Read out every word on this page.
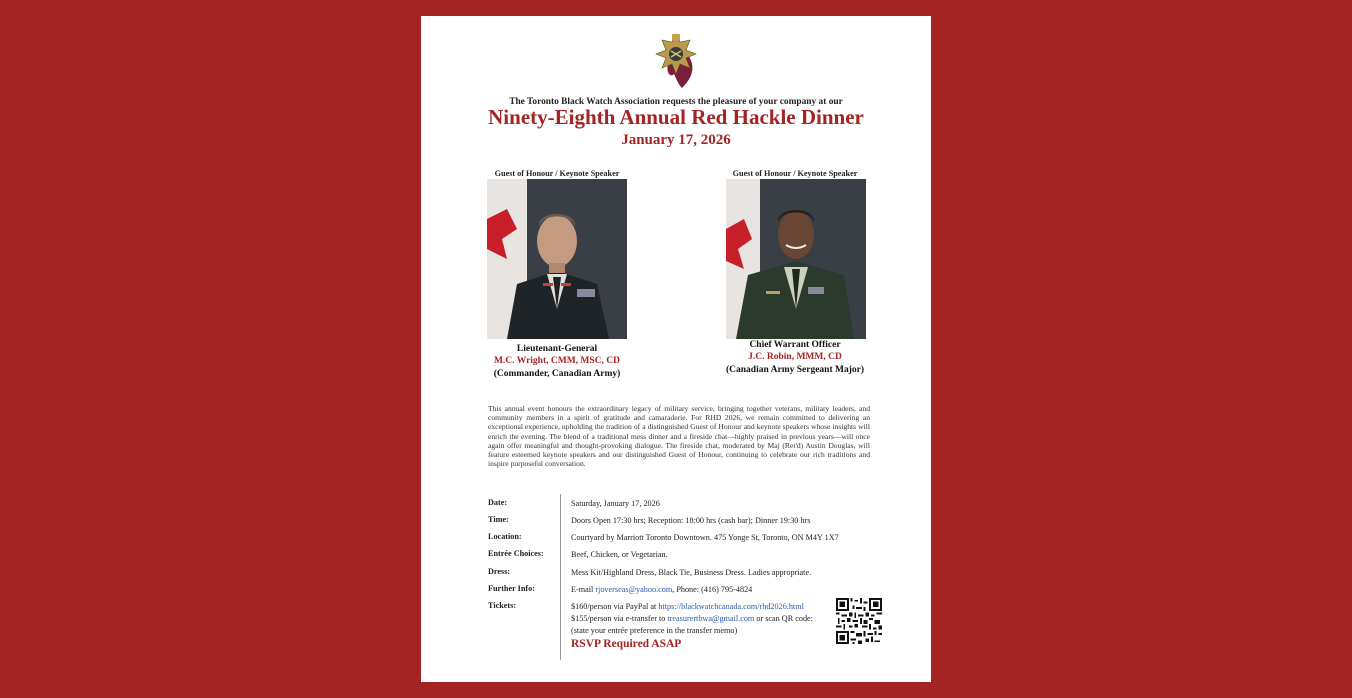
The Toronto Black Watch Association requests the pleasure of your company at our
Ninety-Eighth Annual Red Hackle Dinner
January 17, 2026
Guest of Honour / Keynote Speaker
Lieutenant-General
M.C. Wright, CMM, MSC, CD
(Commander, Canadian Army)
Guest of Honour / Keynote Speaker
Chief Warrant Officer
J.C. Robin, MMM, CD
(Canadian Army Sergeant Major)
This annual event honours the extraordinary legacy of military service, bringing together veterans, military leaders, and community members in a spirit of gratitude and camaraderie. For RHD 2026, we remain committed to delivering an exceptional experience, upholding the tradition of a distinguished Guest of Honour and keynote speakers whose insights will enrich the evening. The blend of a traditional mess dinner and a fireside chat—highly praised in previous years—will once again offer meaningful and thought-provoking dialogue. The fireside chat, moderated by Maj (Ret'd) Austin Douglas, will feature esteemed keynote speakers and our distinguished Guest of Honour, continuing to celebrate our rich traditions and inspire purposeful conversation.
Date:	Saturday, January 17, 2026
Time:	Doors Open 17:30 hrs; Reception: 18:00 hrs (cash bar); Dinner 19:30 hrs
Location:	Courtyard by Marriott Toronto Downtown. 475 Yonge St, Toronto, ON M4Y 1X7
Entrée Choices:	Beef, Chicken, or Vegetarian.
Dress:	Mess Kit/Highland Dress, Black Tie, Business Dress. Ladies appropriate.
Further Info:	E-mail rjoverseas@yahoo.com, Phone: (416) 795-4824
Tickets:	$160/person via PayPal at https://blackwatchcanada.com/rhd2026.html
$155/person via e-transfer to treasurertbwa@gmail.com or scan QR code:
(state your entrée preference in the transfer memo)
RSVP Required ASAP
